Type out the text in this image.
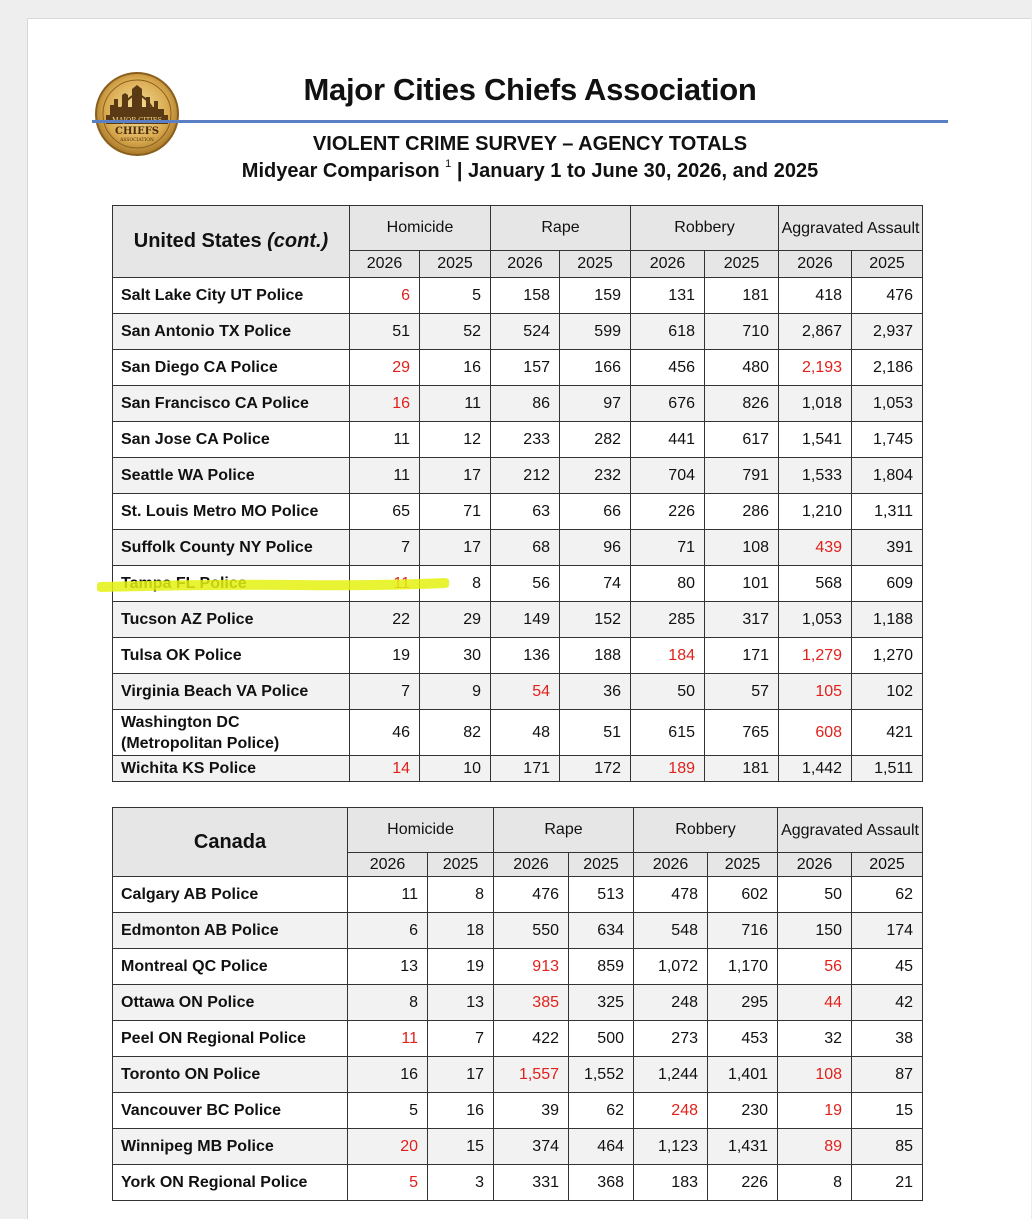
CHIEFS
ASSOCIATION
Major Cities Chiefs Association
VIOLENT CRIME SURVEY – AGENCY TOTALS
Midyear Comparison $^1$ | January 1 to June 30, 2026, and 2025
United States (cont.)	Homicide		Rape		Robbery		Aggravated Assault	
	2026	2025	2026	2025	2026	2025	2026	2025
Salt Lake City UT Police	6	5	158	159	131	181	418	476
San Antonio TX Police	51	52	524	599	618	710	2,867	2,937
San Diego CA Police	29	16	157	166	456	480	2,193	2,186
San Francisco CA Police	16	11	86	97	676	826	1,018	1,053
San Jose CA Police	11	12	233	282	441	617	1,541	1,745
Seattle WA Police	11	17	212	232	704	791	1,533	1,804
St. Louis Metro MO Police	65	71	63	66	226	286	1,210	1,311
Suffolk County NY Police	7	17	68	96	71	108	439	391
Tampa FL Police	11	8	56	74	80	101	568	609
Tucson AZ Police	22	29	149	152	285	317	1,053	1,188
Tulsa OK Police	19	30	136	188	184	171	1,279	1,270
Virginia Beach VA Police	7	9	54	36	50	57	105	102
Washington DC
(Metropolitan Police)	46	82	48	51	615	765	608	421
Wichita KS Police	14	10	171	172	189	181	1,442	1,511
Canada	Homicide		Rape		Robbery		Aggravated Assault	
	2026	2025	2026	2025	2026	2025	2026	2025
Calgary AB Police	11	8	476	513	478	602	50	62
Edmonton AB Police	6	18	550	634	548	716	150	174
Montreal QC Police	13	19	913	859	1,072	1,170	56	45
Ottawa ON Police	8	13	385	325	248	295	44	42
Peel ON Regional Police	11	7	422	500	273	453	32	38
Toronto ON Police	16	17	1,557	1,552	1,244	1,401	108	87
Vancouver BC Police	5	16	39	62	248	230	19	15
Winnipeg MB Police	20	15	374	464	1,123	1,431	89	85
York ON Regional Police	5	3	331	368	183	226	8	21
